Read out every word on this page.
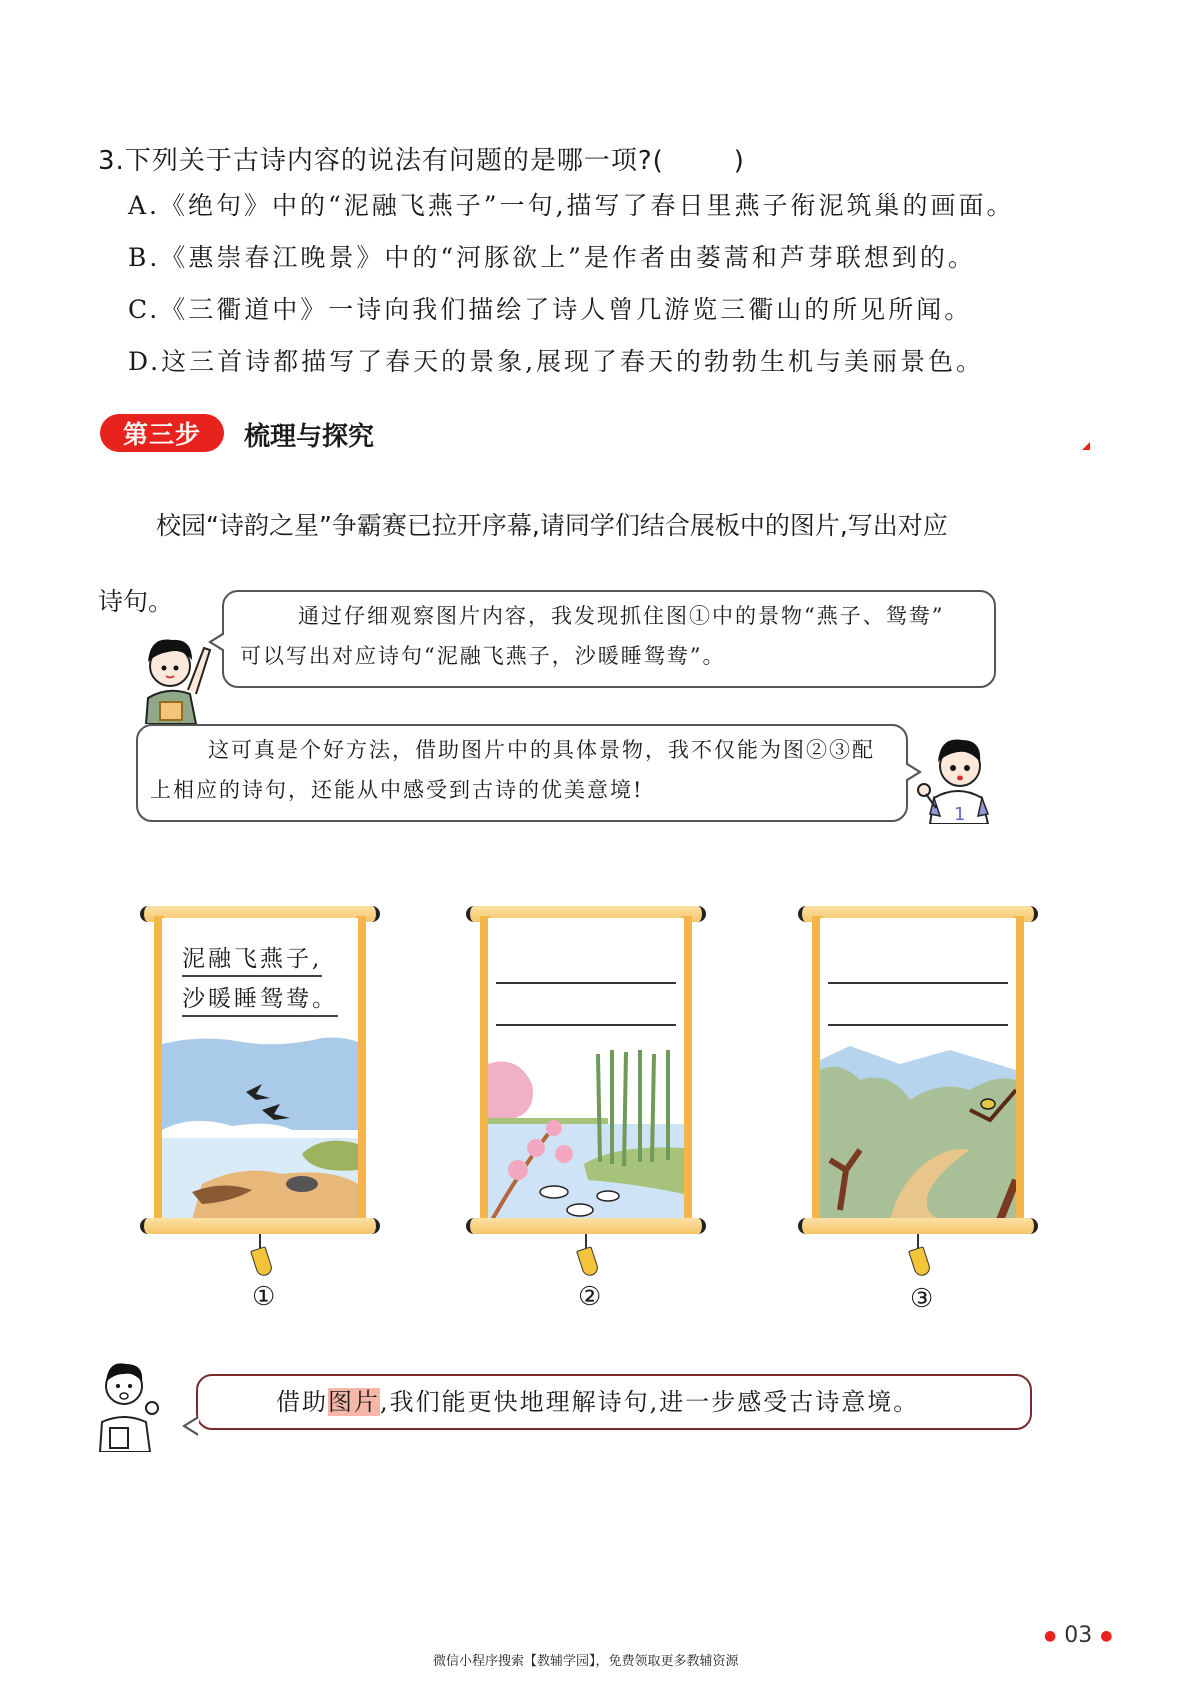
3.下列关于古诗内容的说法有问题的是哪一项?(	)
A.《绝句》中的“泥融飞燕子”一句,描写了春日里燕子衔泥筑巢的画面。
B.《惠崇春江晚景》中的“河豚欲上”是作者由蒌蒿和芦芽联想到的。
C.《三衢道中》一诗向我们描绘了诗人曾几游览三衢山的所见所闻。
D.这三首诗都描写了春天的景象,展现了春天的勃勃生机与美丽景色。
第三步	梳理与探究
校园“诗韵之星”争霸赛已拉开序幕,请同学们结合展板中的图片,写出对应
诗句。	通过仔细观察图片内容，我发现抓住图①中的景物“燕子、鸳鸯”
可以写出对应诗句“泥融飞燕子，沙暖睡鸳鸯”。
这可真是个好方法，借助图片中的具体景物，我不仅能为图②③配
上相应的诗句，还能从中感受到古诗的优美意境!
1
泥融飞燕子,
沙暖睡鸳鸯。
①	②	③
借助图片,我们能更快地理解诗句,进一步感受古诗意境。
● 03 ●
微信小程序搜索【教辅学园】，免费领取更多教辅资源
